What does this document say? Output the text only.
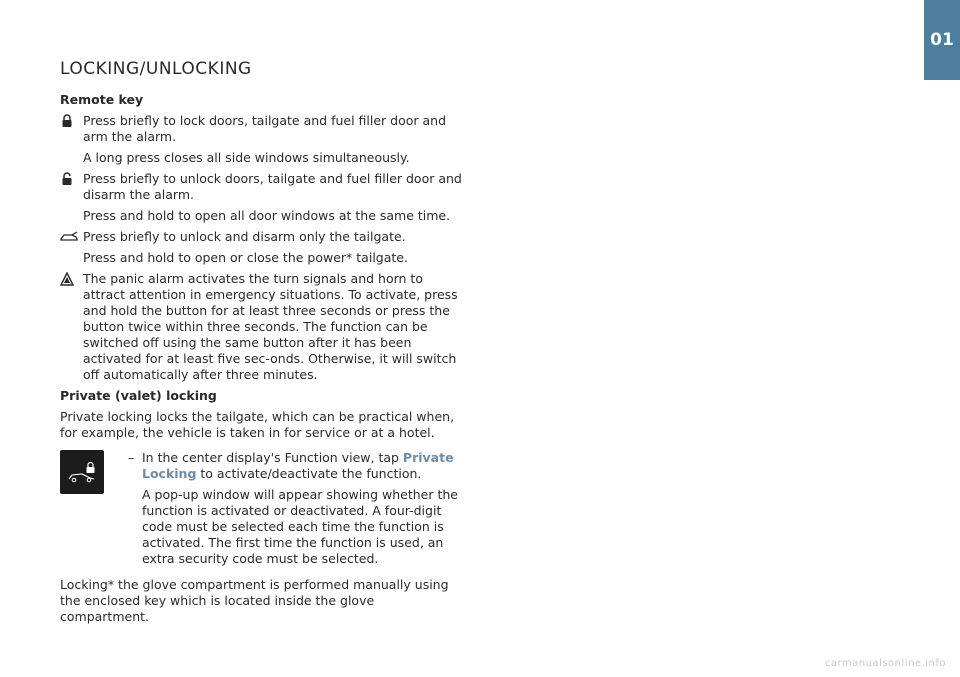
01
LOCKING/UNLOCKING
Remote key

Press briefly to lock doors, tailgate and fuel filler door and arm the alarm.

A long press closes all side windows simultaneously.

Press briefly to unlock doors, tailgate and fuel filler door and disarm the alarm.

Press and hold to open all door windows at the same time.

Press briefly to unlock and disarm only the tailgate.

Press and hold to open or close the power* tailgate.

The panic alarm activates the turn signals and horn to attract attention in emergency situations. To activate, press and hold the button for at least three seconds or press the button twice within three seconds. The function can be switched off using the same button after it has been activated for at least five sec-onds. Otherwise, it will switch off automatically after three minutes.

Private (valet) locking

Private locking locks the tailgate, which can be practical when, for example, the vehicle is taken in for service or at a hotel.

– In the center display's Function view, tap Private Locking to activate/deactivate the function.

A pop-up window will appear showing whether the function is activated or deactivated. A four-digit code must be selected each time the function is activated. The first time the function is used, an extra security code must be selected.

Locking* the glove compartment is performed manually using the enclosed key which is located inside the glove compartment.

carmanualsonline.info
